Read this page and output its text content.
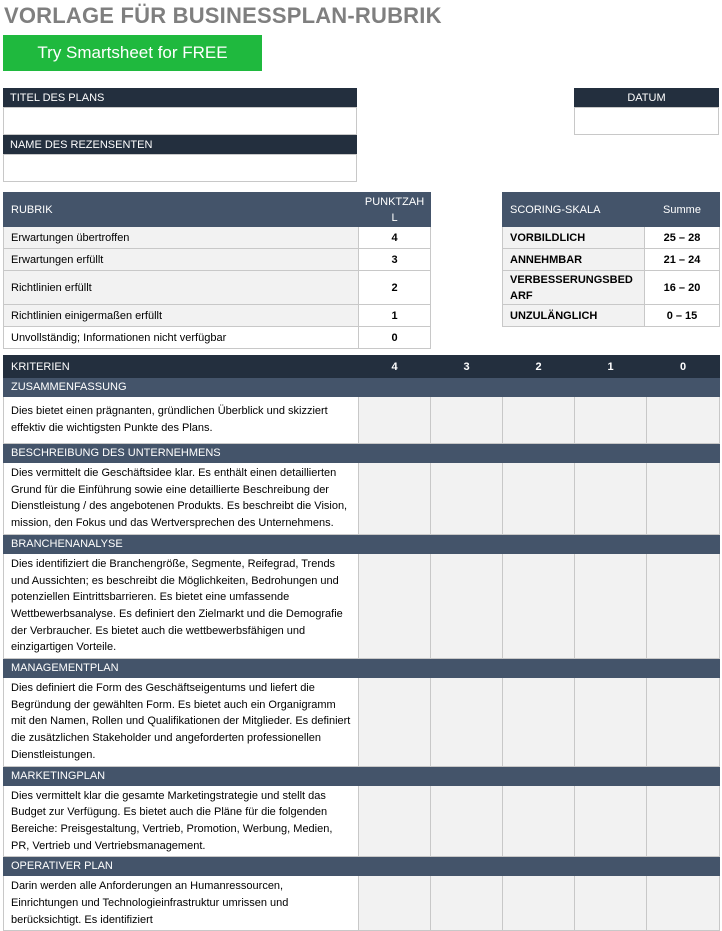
VORLAGE FÜR BUSINESSPLAN-RUBRIK
Try Smartsheet for FREE
TITEL DES PLANS
NAME DES REZENSENTEN
DATUM
RUBRIK	PUNKTZAHL
Erwartungen übertroffen	4
Erwartungen erfüllt	3
Richtlinien erfüllt	2
Richtlinien einigermaßen erfüllt	1
Unvollständig; Informationen nicht verfügbar	0
SCORING-SKALA	Summe
VORBILDLICH	25 – 28
ANNEHMBAR	21 – 24
VERBESSERUNGSBEDARF	16 – 20
UNZULÄNGLICH	0 – 15
KRITERIEN	4	3	2	1	0
ZUSAMMENFASSUNG					
Dies bietet einen prägnanten, gründlichen Überblick und skizziert effektiv die wichtigsten Punkte des Plans.					
BESCHREIBUNG DES UNTERNEHMENS					
Dies vermittelt die Geschäftsidee klar. Es enthält einen detaillierten Grund für die Einführung sowie eine detaillierte Beschreibung der Dienstleistung / des angebotenen Produkts. Es beschreibt die Vision, mission, den Fokus und das Wertversprechen des Unternehmens.					
BRANCHENANALYSE					
Dies identifiziert die Branchengröße, Segmente, Reifegrad, Trends und Aussichten; es beschreibt die Möglichkeiten, Bedrohungen und potenziellen Eintrittsbarrieren. Es bietet eine umfassende Wettbewerbsanalyse. Es definiert den Zielmarkt und die Demografie der Verbraucher. Es bietet auch die wettbewerbsfähigen und einzigartigen Vorteile.					
MANAGEMENTPLAN					
Dies definiert die Form des Geschäftseigentums und liefert die Begründung der gewählten Form. Es bietet auch ein Organigramm mit den Namen, Rollen und Qualifikationen der Mitglieder. Es definiert die zusätzlichen Stakeholder und angeforderten professionellen Dienstleistungen.					
MARKETINGPLAN					
Dies vermittelt klar die gesamte Marketingstrategie und stellt das Budget zur Verfügung. Es bietet auch die Pläne für die folgenden Bereiche: Preisgestaltung, Vertrieb, Promotion, Werbung, Medien, PR, Vertrieb und Vertriebsmanagement.					
OPERATIVER PLAN					
Darin werden alle Anforderungen an Humanressourcen, Einrichtungen und Technologieinfrastruktur umrissen und berücksichtigt. Es identifiziert					
